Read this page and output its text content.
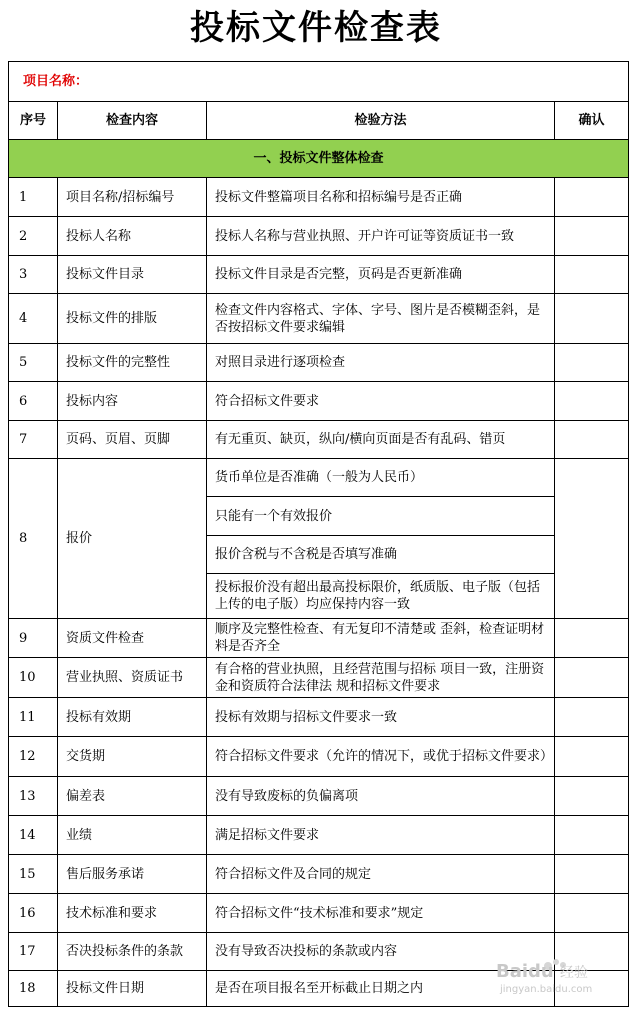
投标文件检查表
项目名称：			
序号	检查内容	检验方法	确认
一、投标文件整体检查			
1	项目名称/招标编号	投标文件整篇项目名称和招标编号是否正确	
2	投标人名称	投标人名称与营业执照、开户许可证等资质证书一致	
3	投标文件目录	投标文件目录是否完整，页码是否更新准确	
4	投标文件的排版	检查文件内容格式、字体、字号、图片是否模糊歪斜，是否按招标文件要求编辑	
5	投标文件的完整性	对照目录进行逐项检查	
6	投标内容	符合招标文件要求	
7	页码、页眉、页脚	有无重页、缺页，纵向/横向页面是否有乱码、错页	
8	报价	货币单位是否准确（一般为人民币）	
		只能有一个有效报价	
		报价含税与不含税是否填写准确	
		投标报价没有超出最高投标限价，纸质版、电子版（包括上传的电子版）均应保持内容一致	
9	资质文件检查	顺序及完整性检查、有无复印不清楚或 歪斜，检查证明材料是否齐全	
10	营业执照、资质证书	有合格的营业执照，且经营范围与招标 项目一致，注册资金和资质符合法律法 规和招标文件要求	
11	投标有效期	投标有效期与招标文件要求一致	
12	交货期	符合招标文件要求（允许的情况下，或优于招标文件要求）	
13	偏差表	没有导致废标的负偏离项	
14	业绩	满足招标文件要求	
15	售后服务承诺	符合招标文件及合同的规定	
16	技术标准和要求	符合招标文件“技术标准和要求”规定	
17	否决投标条件的条款	没有导致否决投标的条款或内容	
18	投标文件日期	是否在项目报名至开标截止日期之内	
Baidu 经验
jingyan.baidu.com
